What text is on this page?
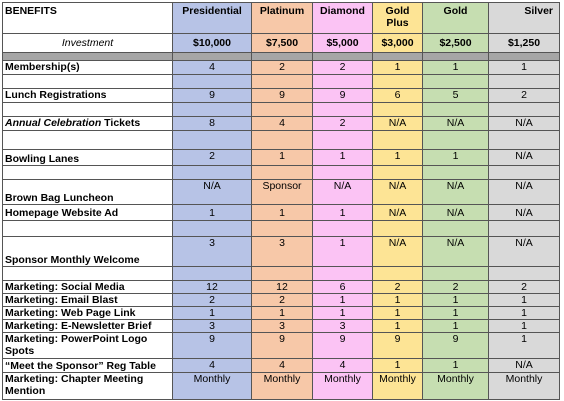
BENEFITS	Presidential	Platinum	Diamond	Gold Plus	Gold	Silver
Investment	$10,000	$7,500	$5,000	$3,000	$2,500	$1,250

Membership(s)	4	2	2	1	1	1

Lunch Registrations	9	9	9	6	5	2

Annual Celebration Tickets	8	4	2	N/A	N/A	N/A

Bowling Lanes	2	1	1	1	1	N/A

Brown Bag Luncheon	N/A	Sponsor	N/A	N/A	N/A	N/A
Homepage Website Ad	1	1	1	N/A	N/A	N/A

Sponsor Monthly Welcome	3	3	1	N/A	N/A	N/A

Marketing: Social Media	12	12	6	2	2	2
Marketing: Email Blast	2	2	1	1	1	1
Marketing: Web Page Link	1	1	1	1	1	1
Marketing: E-Newsletter Brief	3	3	3	1	1	1
Marketing: PowerPoint Logo Spots	9	9	9	9	9	1
“Meet the Sponsor” Reg Table	4	4	4	1	1	N/A
Marketing: Chapter Meeting Mention	Monthly	Monthly	Monthly	Monthly	Monthly	Monthly
